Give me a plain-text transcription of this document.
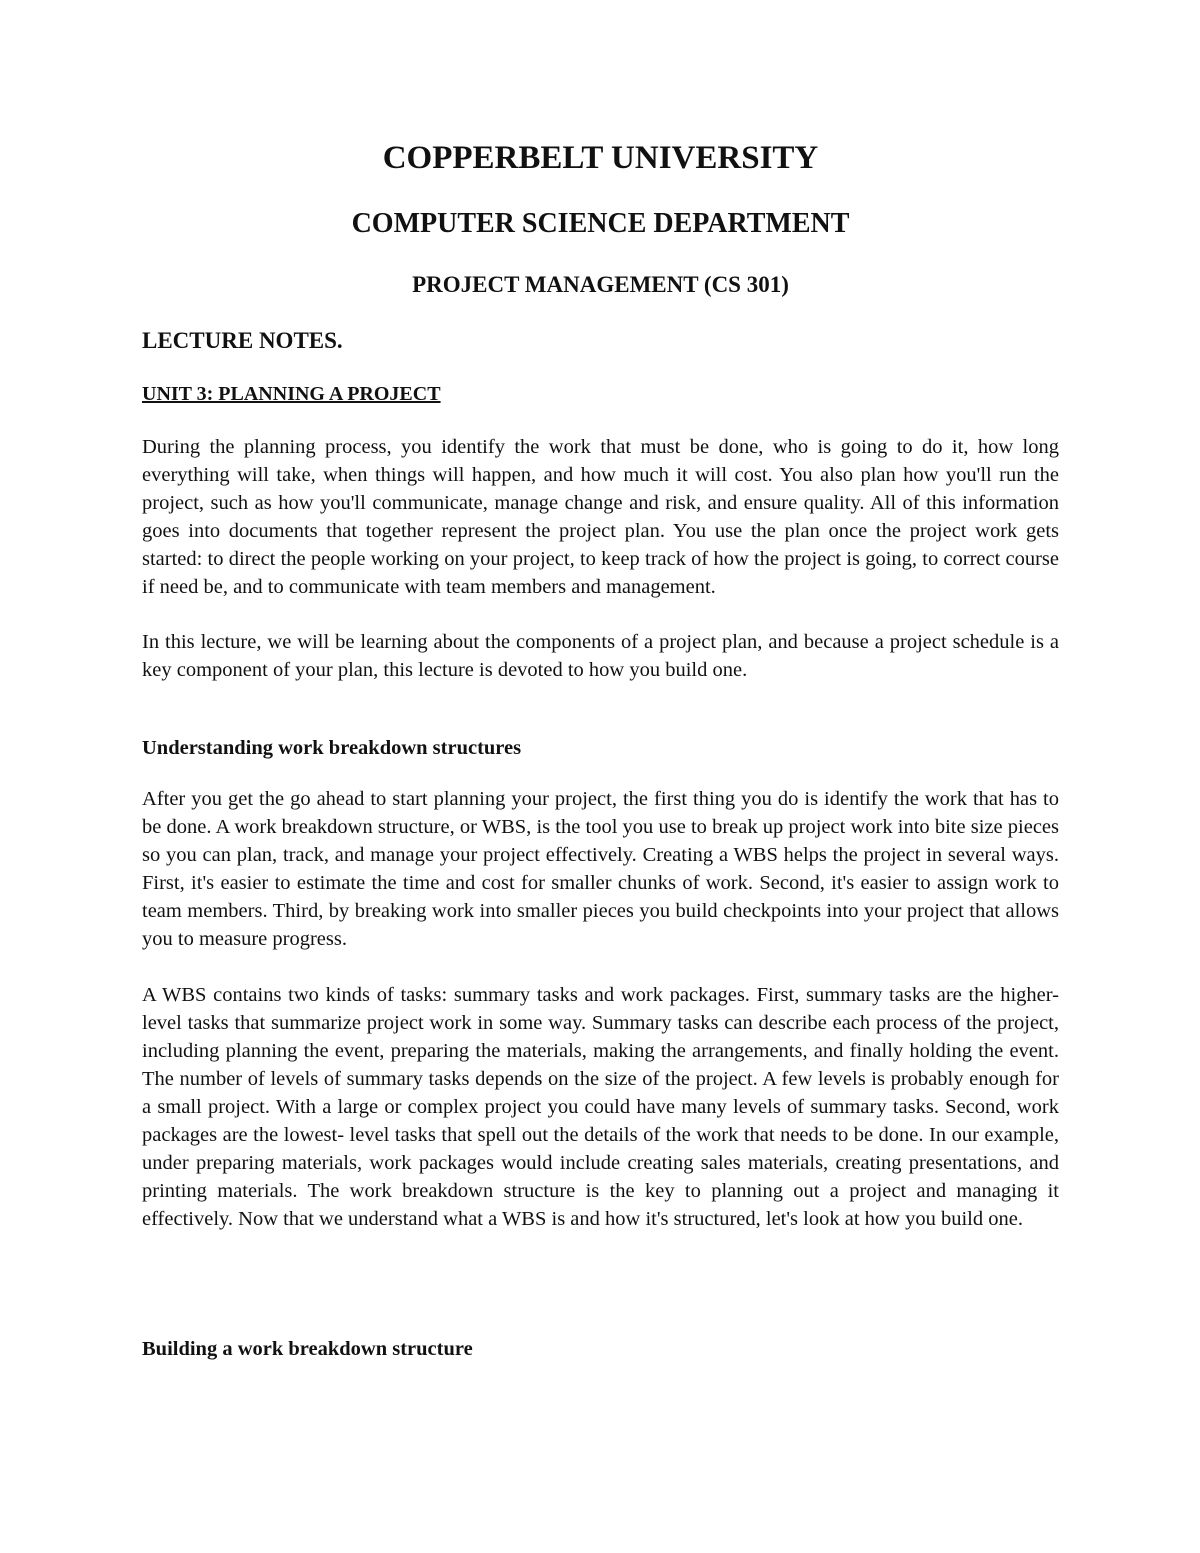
COPPERBELT UNIVERSITY
COMPUTER SCIENCE DEPARTMENT
PROJECT MANAGEMENT (CS 301)
LECTURE NOTES.
UNIT 3: PLANNING A PROJECT

During the planning process, you identify the work that must be done, who is going to do it, how long everything will take, when things will happen, and how much it will cost. You also plan how you'll run the project, such as how you'll communicate, manage change and risk, and ensure quality. All of this information goes into documents that together represent the project plan. You use the plan once the project work gets started: to direct the people working on your project, to keep track of how the project is going, to correct course if need be, and to communicate with team members and management.

In this lecture, we will be learning about the components of a project plan, and because a project schedule is a key component of your plan, this lecture is devoted to how you build one.

Understanding work breakdown structures

After you get the go ahead to start planning your project, the first thing you do is identify the work that has to be done. A work breakdown structure, or WBS, is the tool you use to break up project work into bite size pieces so you can plan, track, and manage your project effectively. Creating a WBS helps the project in several ways. First, it's easier to estimate the time and cost for smaller chunks of work. Second, it's easier to assign work to team members. Third, by breaking work into smaller pieces you build checkpoints into your project that allows you to measure progress.

A WBS contains two kinds of tasks: summary tasks and work packages. First, summary tasks are the higher-level tasks that summarize project work in some way. Summary tasks can describe each process of the project, including planning the event, preparing the materials, making the arrangements, and finally holding the event. The number of levels of summary tasks depends on the size of the project. A few levels is probably enough for a small project. With a large or complex project you could have many levels of summary tasks. Second, work packages are the lowest- level tasks that spell out the details of the work that needs to be done. In our example, under preparing materials, work packages would include creating sales materials, creating presentations, and printing materials. The work breakdown structure is the key to planning out a project and managing it effectively. Now that we understand what a WBS is and how it's structured, let's look at how you build one.

Building a work breakdown structure
